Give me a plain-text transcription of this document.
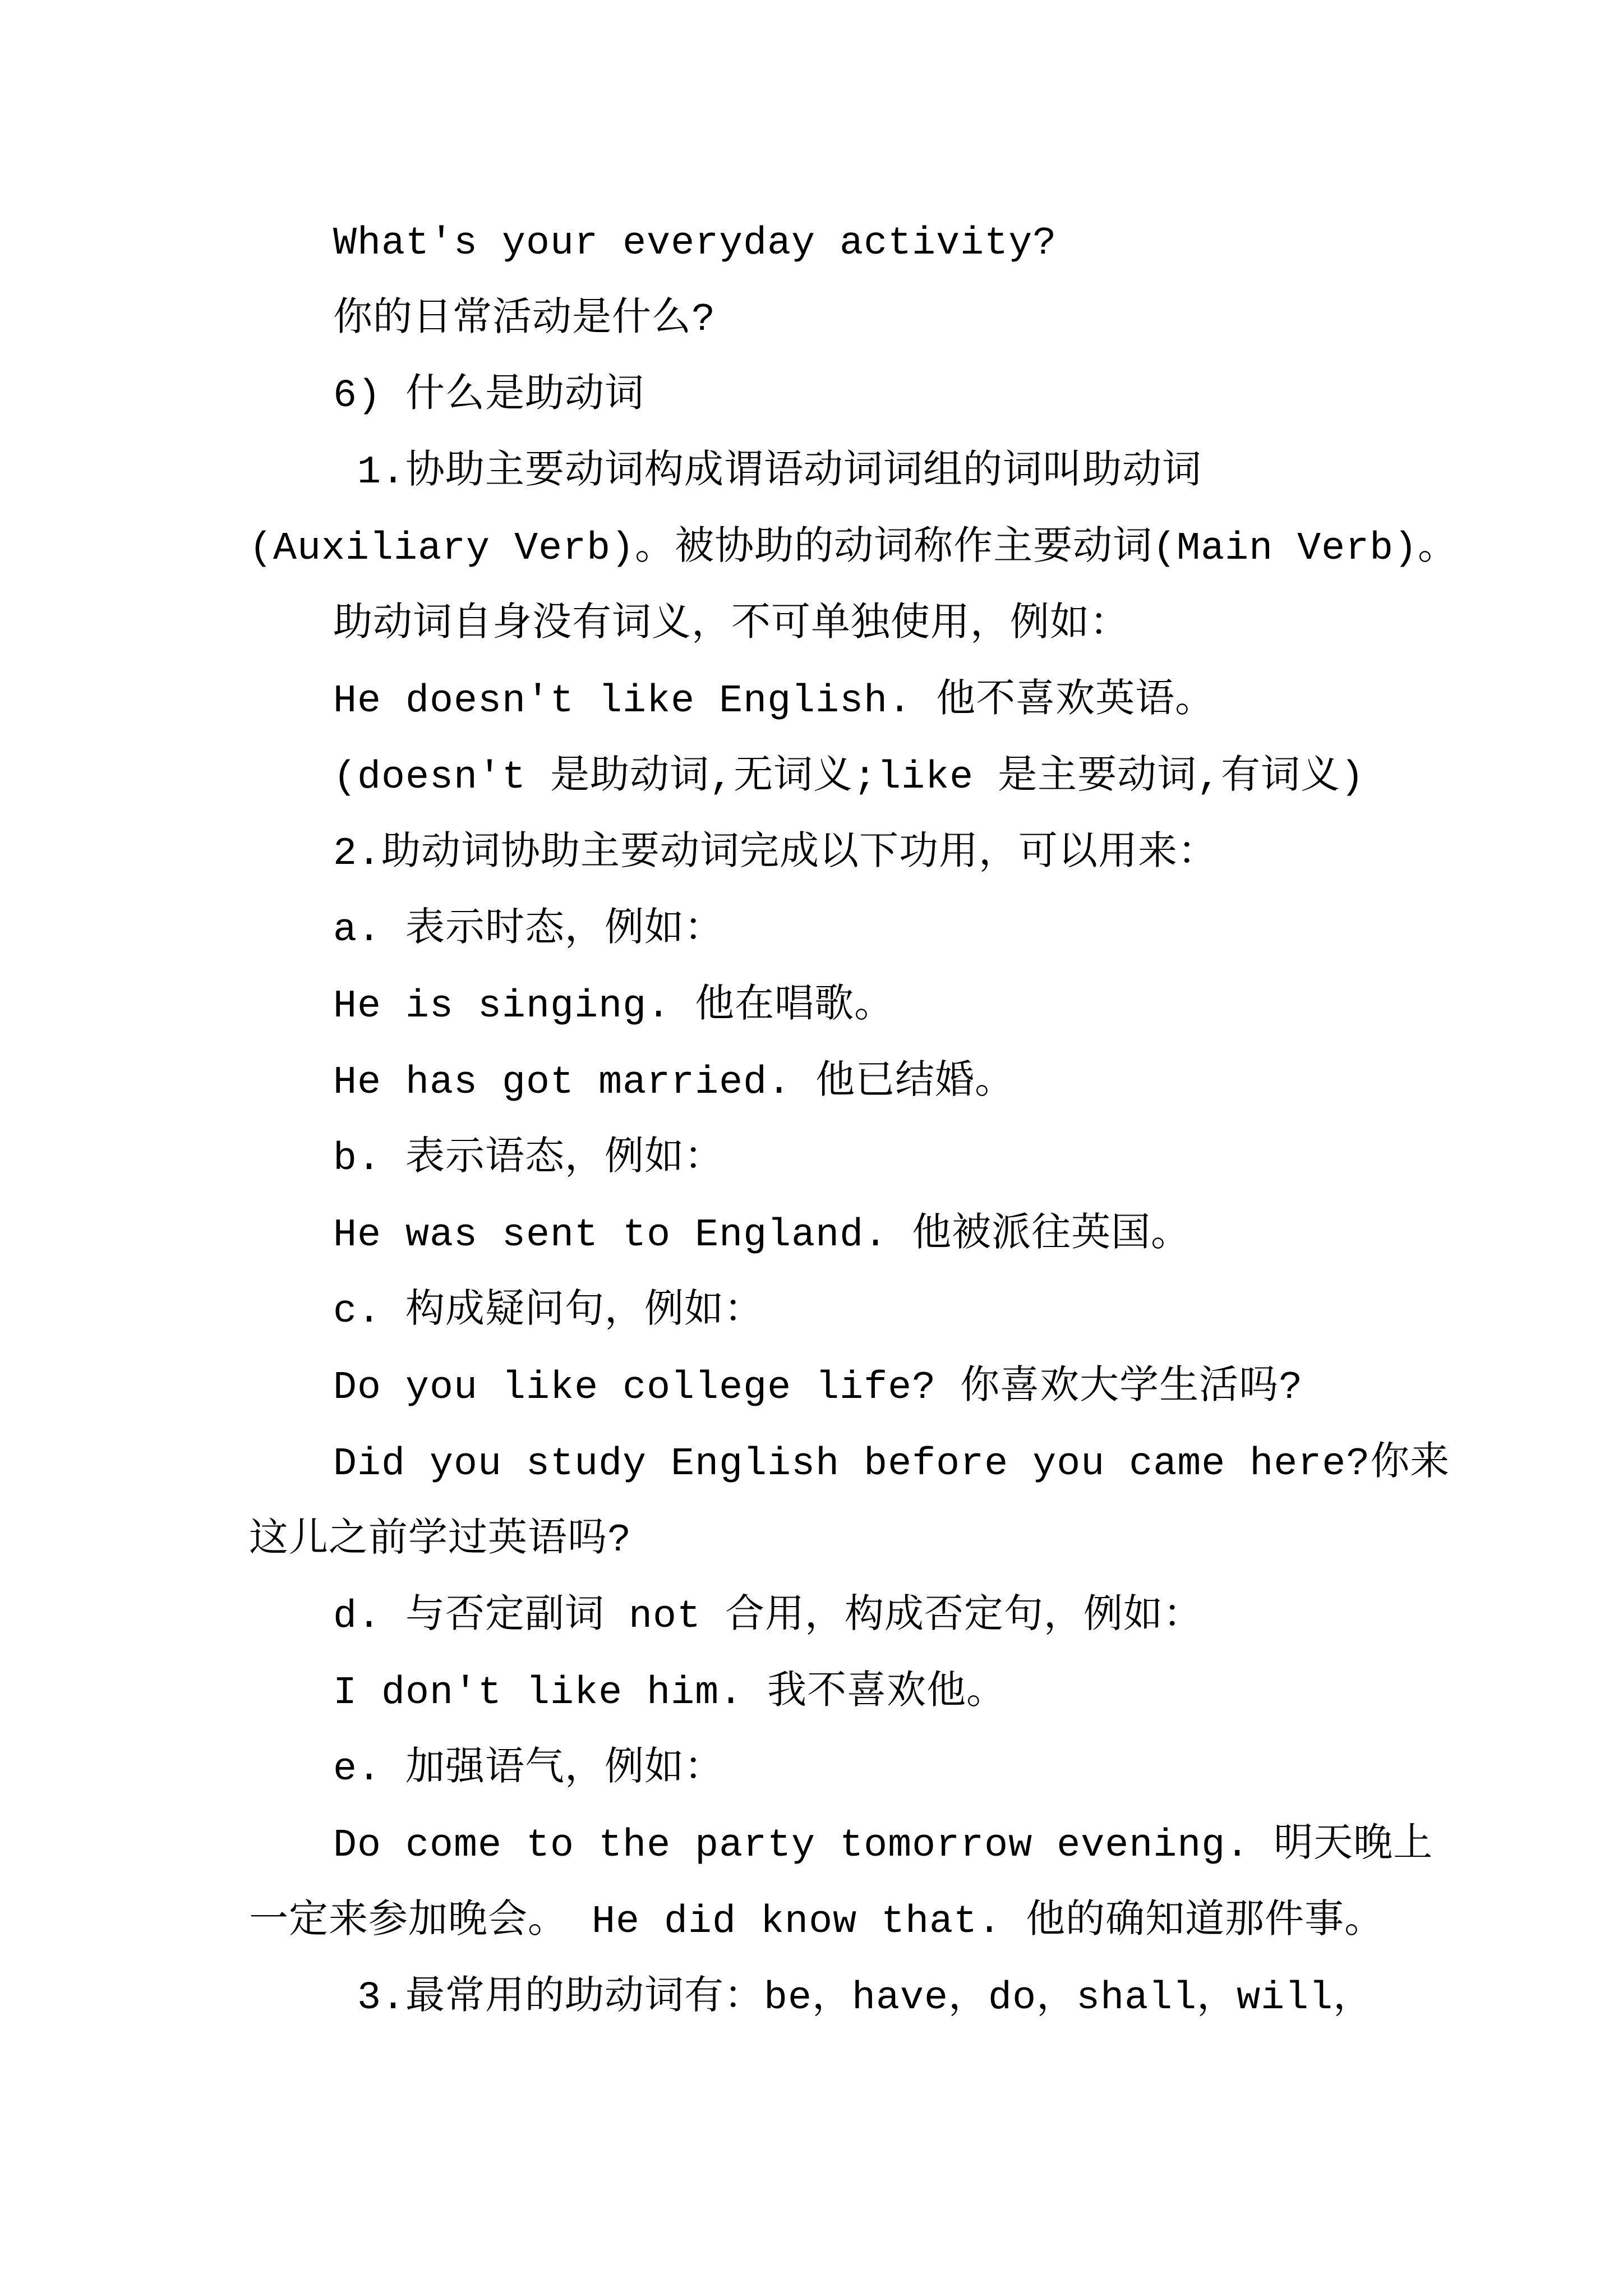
What's your everyday activity?
你的日常活动是什么?
6) 什么是助动词
1.协助主要动词构成谓语动词词组的词叫助动词
(Auxiliary Verb)。被协助的动词称作主要动词(Main Verb)。
助动词自身没有词义，不可单独使用，例如：
He doesn't like English. 他不喜欢英语。
(doesn't 是助动词,无词义;like 是主要动词,有词义)
2.助动词协助主要动词完成以下功用，可以用来：
a. 表示时态，例如：
He is singing. 他在唱歌。
He has got married. 他已结婚。
b. 表示语态，例如：
He was sent to England. 他被派往英国。
c. 构成疑问句，例如：
Do you like college life? 你喜欢大学生活吗?
Did you study English before you came here?你来
这儿之前学过英语吗?
d. 与否定副词 not 合用，构成否定句，例如：
I don't like him. 我不喜欢他。
e. 加强语气，例如：
Do come to the party tomorrow evening. 明天晚上
一定来参加晚会。 He did know that. 他的确知道那件事。
3.最常用的助动词有：be，have，do，shall，will，
